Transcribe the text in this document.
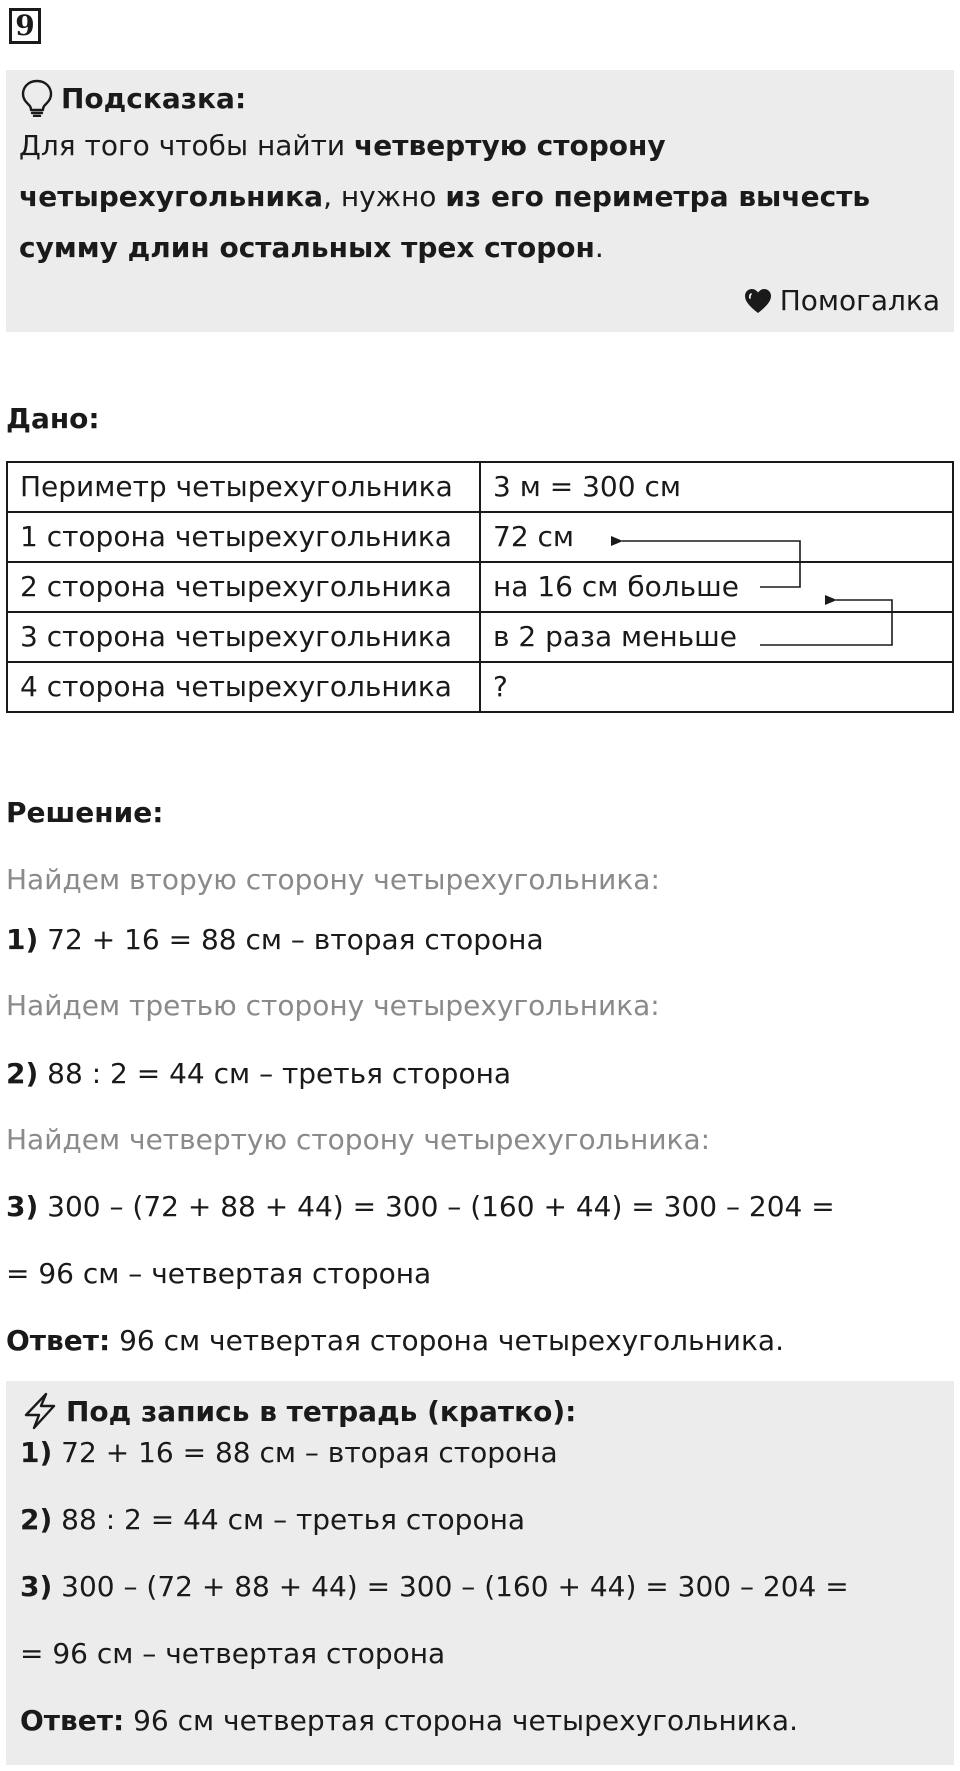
9
Подсказка:
Для того чтобы найти четвертую сторону
четырехугольника, нужно из его периметра вычесть
сумму длин остальных трех сторон.
Помогалка
Дано:
Периметр четырехугольника	3 м = 300 см
1 сторона четырехугольника	72 см
2 сторона четырехугольника	на 16 см больше
3 сторона четырехугольника	в 2 раза меньше
4 сторона четырехугольника	?
Решение:
Найдем вторую сторону четырехугольника:
1) 72 + 16 = 88 см – вторая сторона
Найдем третью сторону четырехугольника:
2) 88 : 2 = 44 см – третья сторона
Найдем четвертую сторону четырехугольника:
3) 300 – (72 + 88 + 44) = 300 – (160 + 44) = 300 – 204 =
= 96 см – четвертая сторона
Ответ: 96 см четвертая сторона четырехугольника.
Под запись в тетрадь (кратко):
1) 72 + 16 = 88 см – вторая сторона
2) 88 : 2 = 44 см – третья сторона
3) 300 – (72 + 88 + 44) = 300 – (160 + 44) = 300 – 204 =
= 96 см – четвертая сторона
Ответ: 96 см четвертая сторона четырехугольника.
